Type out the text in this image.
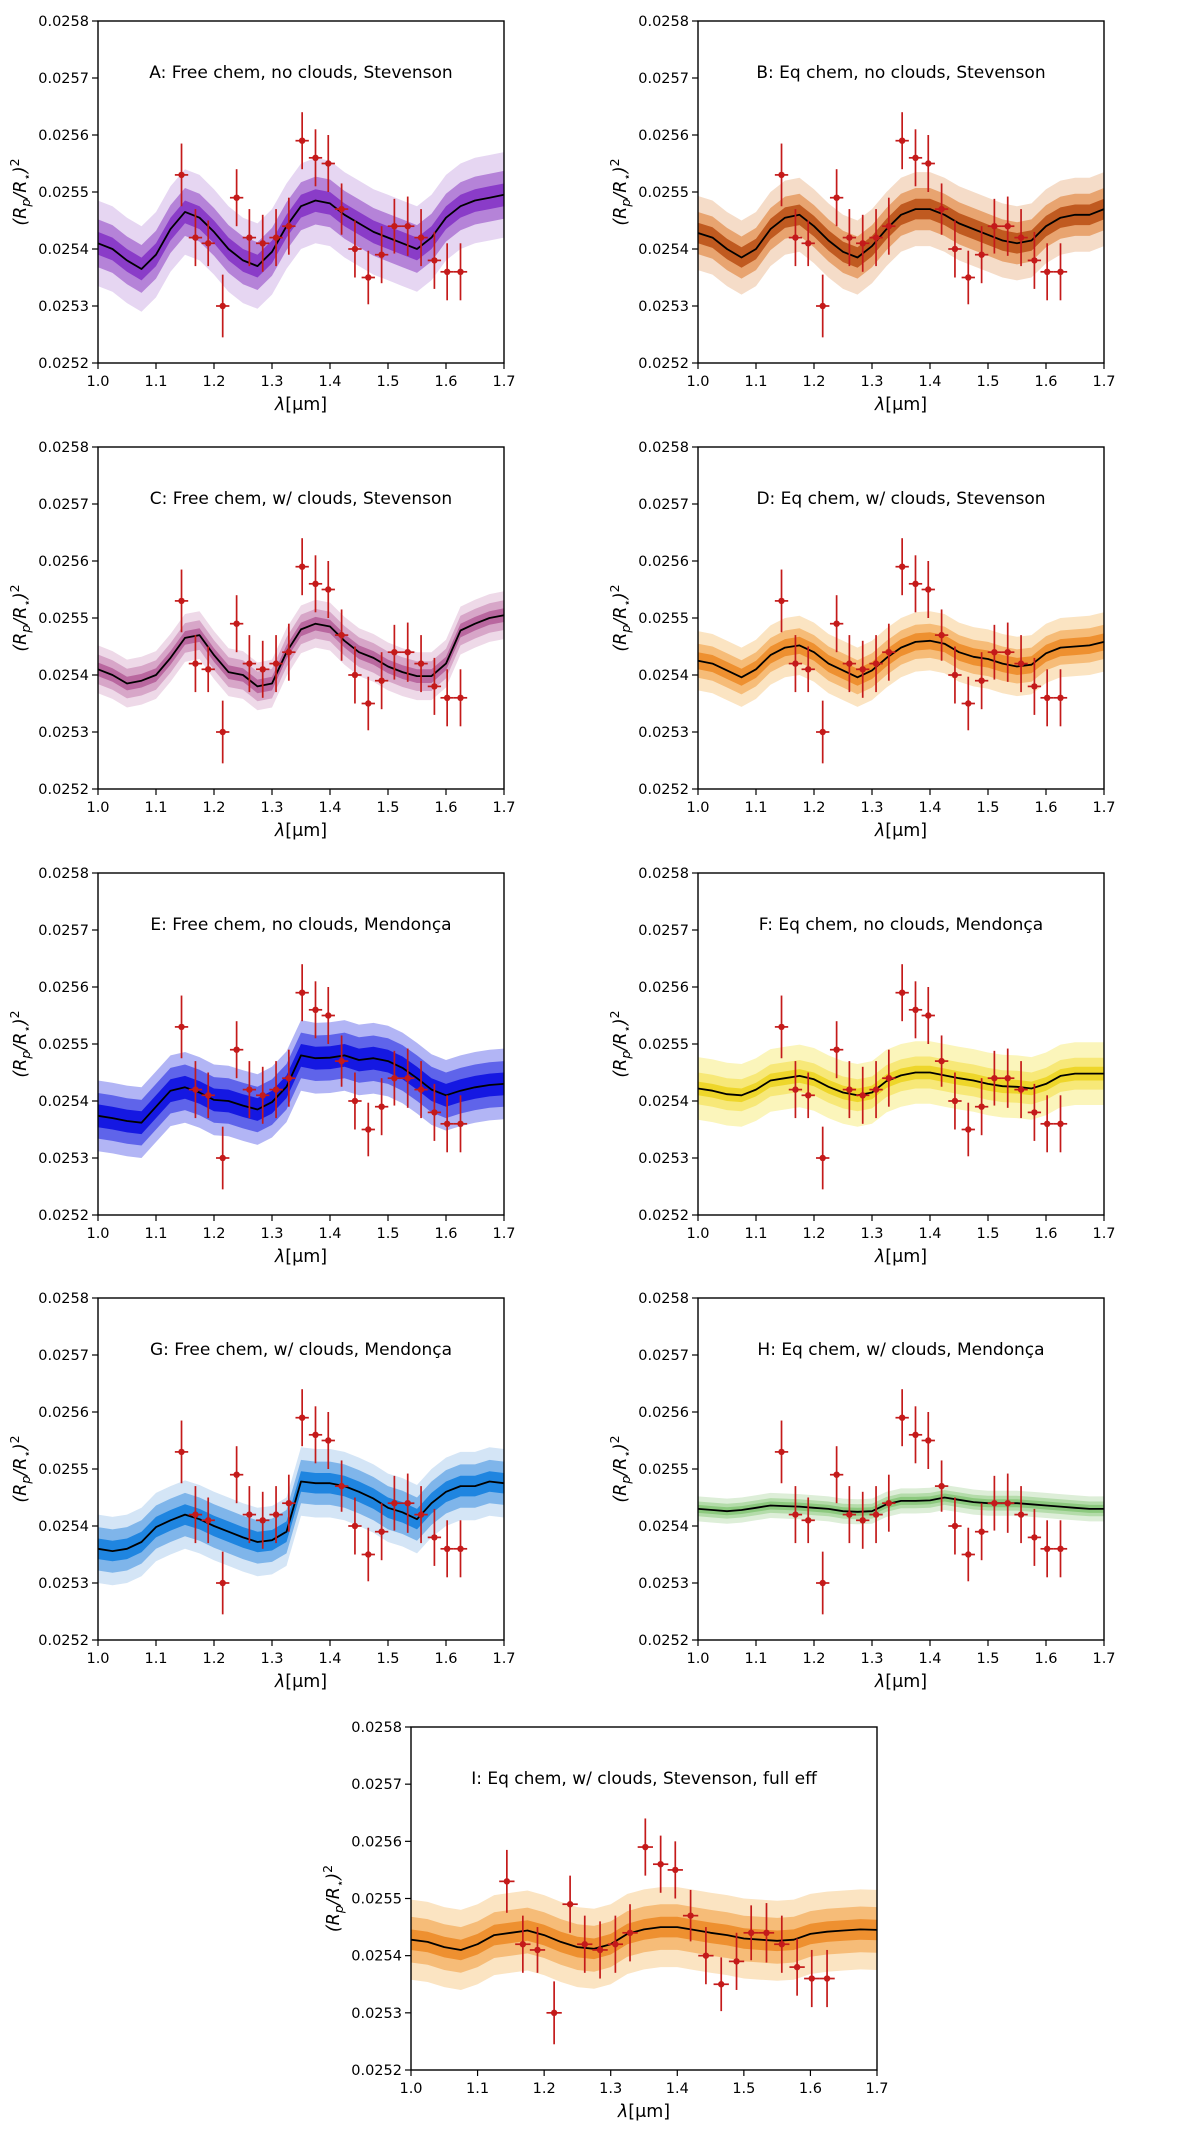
1.0 1.1 1.2 1.3 1.4 1.5 1.6 1.7
0.0252
0.0253
0.0254
0.0255
0.0256
0.0257
0.0258
A: Free chem, no clouds, Stevenson
λ[μm]
$(R_p/R_⋆)^2$
1.0 1.1 1.2 1.3 1.4 1.5 1.6 1.7
0.0252
0.0253
0.0254
0.0255
0.0256
0.0257
0.0258
B: Eq chem, no clouds, Stevenson
λ[μm]
$(R_p/R_⋆)^2$
1.0 1.1 1.2 1.3 1.4 1.5 1.6 1.7
0.0252
0.0253
0.0254
0.0255
0.0256
0.0257
0.0258
C: Free chem, w/ clouds, Stevenson
λ[μm]
$(R_p/R_⋆)^2$
1.0 1.1 1.2 1.3 1.4 1.5 1.6 1.7
0.0252
0.0253
0.0254
0.0255
0.0256
0.0257
0.0258
D: Eq chem, w/ clouds, Stevenson
λ[μm]
$(R_p/R_⋆)^2$
1.0 1.1 1.2 1.3 1.4 1.5 1.6 1.7
0.0252
0.0253
0.0254
0.0255
0.0256
0.0257
0.0258
E: Free chem, no clouds, Mendonça
λ[μm]
$(R_p/R_⋆)^2$
1.0 1.1 1.2 1.3 1.4 1.5 1.6 1.7
0.0252
0.0253
0.0254
0.0255
0.0256
0.0257
0.0258
F: Eq chem, no clouds, Mendonça
λ[μm]
$(R_p/R_⋆)^2$
1.0 1.1 1.2 1.3 1.4 1.5 1.6 1.7
0.0252
0.0253
0.0254
0.0255
0.0256
0.0257
0.0258
G: Free chem, w/ clouds, Mendonça
λ[μm]
$(R_p/R_⋆)^2$
1.0 1.1 1.2 1.3 1.4 1.5 1.6 1.7
0.0252
0.0253
0.0254
0.0255
0.0256
0.0257
0.0258
H: Eq chem, w/ clouds, Mendonça
λ[μm]
$(R_p/R_⋆)^2$
1.0	1.1	1.2	1.3	1.4	1.5	1.6	1.7
0.0252
0.0253
0.0254
0.0255
0.0256
0.0257
0.0258
I: Eq chem, w/ clouds, Stevenson, full eff
λ[μm]
$(R_p/R_⋆)^2$
